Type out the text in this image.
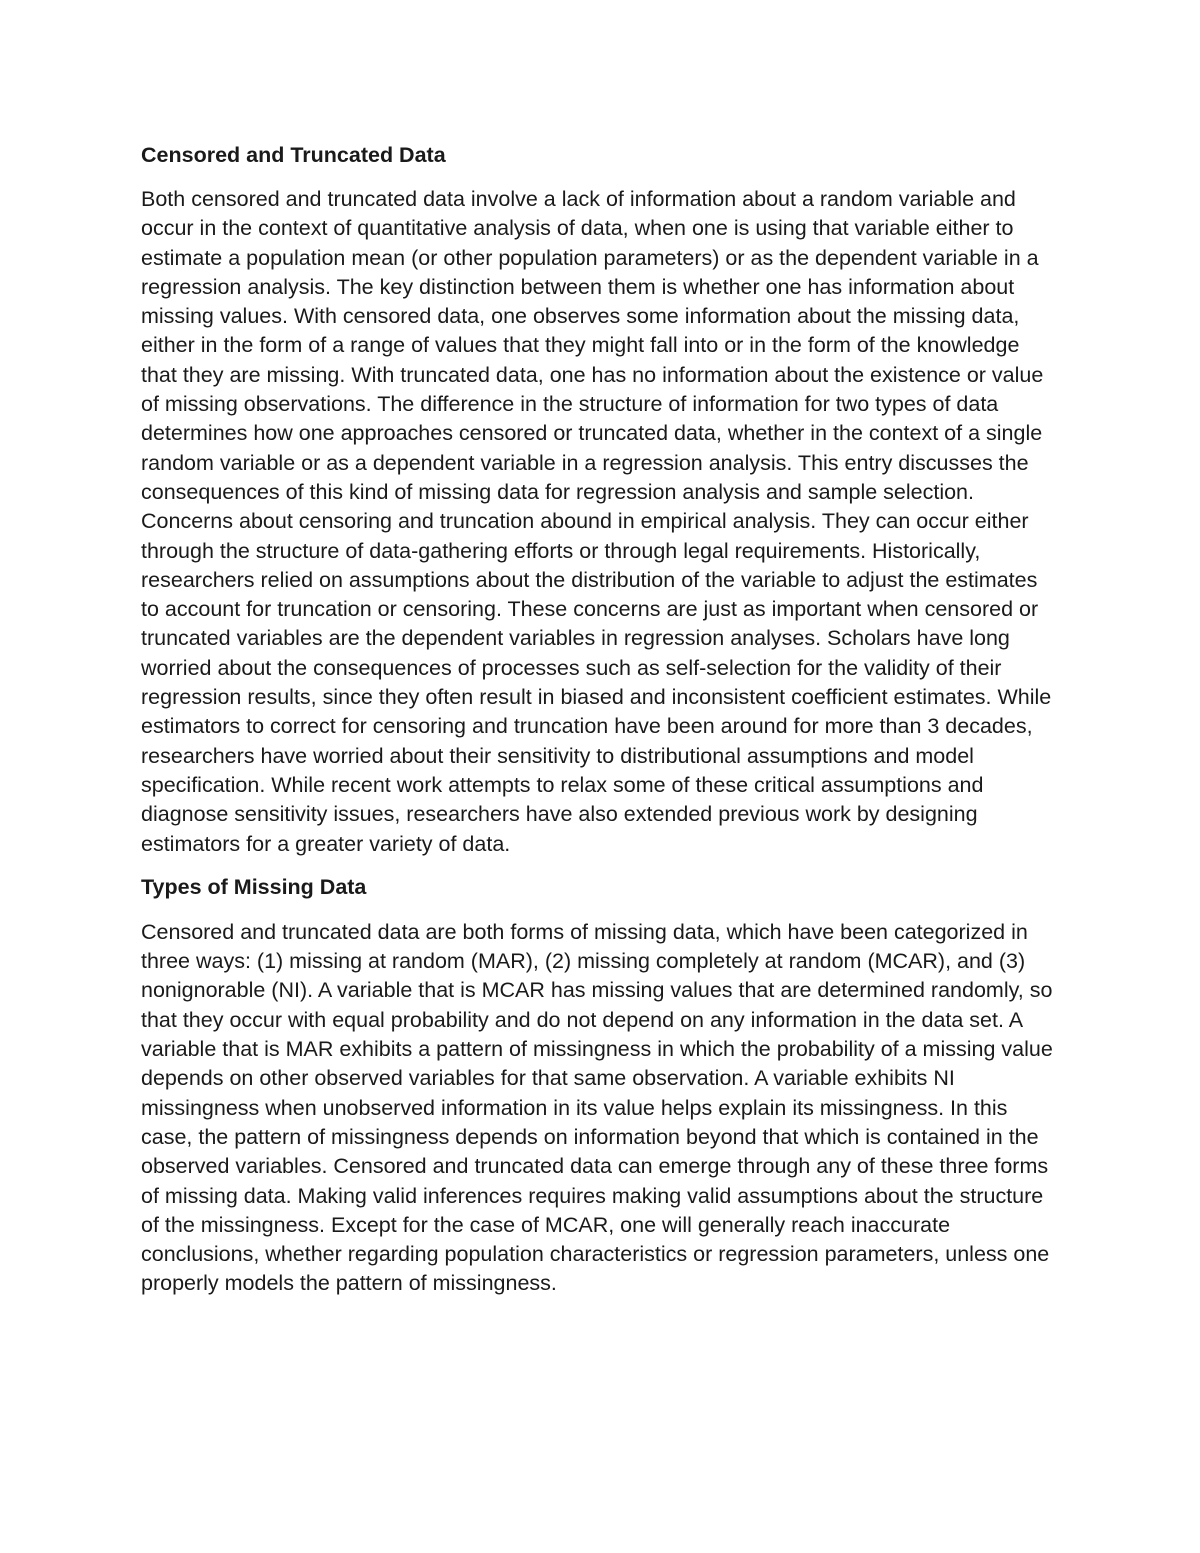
Censored and Truncated Data

Both censored and truncated data involve a lack of information about a random variable and occur in the context of quantitative analysis of data, when one is using that variable either to estimate a population mean (or other population parameters) or as the dependent variable in a regression analysis. The key distinction between them is whether one has information about missing values. With censored data, one observes some information about the missing data, either in the form of a range of values that they might fall into or in the form of the knowledge that they are missing. With truncated data, one has no information about the existence or value of missing observations. The difference in the structure of information for two types of data determines how one approaches censored or truncated data, whether in the context of a single random variable or as a dependent variable in a regression analysis. This entry discusses the consequences of this kind of missing data for regression analysis and sample selection. Concerns about censoring and truncation abound in empirical analysis. They can occur either through the structure of data-gathering efforts or through legal requirements. Historically, researchers relied on assumptions about the distribution of the variable to adjust the estimates to account for truncation or censoring. These concerns are just as important when censored or truncated variables are the dependent variables in regression analyses. Scholars have long worried about the consequences of processes such as self-selection for the validity of their regression results, since they often result in biased and inconsistent coefficient estimates. While estimators to correct for censoring and truncation have been around for more than 3 decades, researchers have worried about their sensitivity to distributional assumptions and model specification. While recent work attempts to relax some of these critical assumptions and diagnose sensitivity issues, researchers have also extended previous work by designing estimators for a greater variety of data.

Types of Missing Data

Censored and truncated data are both forms of missing data, which have been categorized in three ways: (1) missing at random (MAR), (2) missing completely at random (MCAR), and (3) nonignorable (NI). A variable that is MCAR has missing values that are determined randomly, so that they occur with equal probability and do not depend on any information in the data set. A variable that is MAR exhibits a pattern of missingness in which the probability of a missing value depends on other observed variables for that same observation. A variable exhibits NI missingness when unobserved information in its value helps explain its missingness. In this case, the pattern of missingness depends on information beyond that which is contained in the observed variables. Censored and truncated data can emerge through any of these three forms of missing data. Making valid inferences requires making valid assumptions about the structure of the missingness. Except for the case of MCAR, one will generally reach inaccurate conclusions, whether regarding population characteristics or regression parameters, unless one properly models the pattern of missingness.
